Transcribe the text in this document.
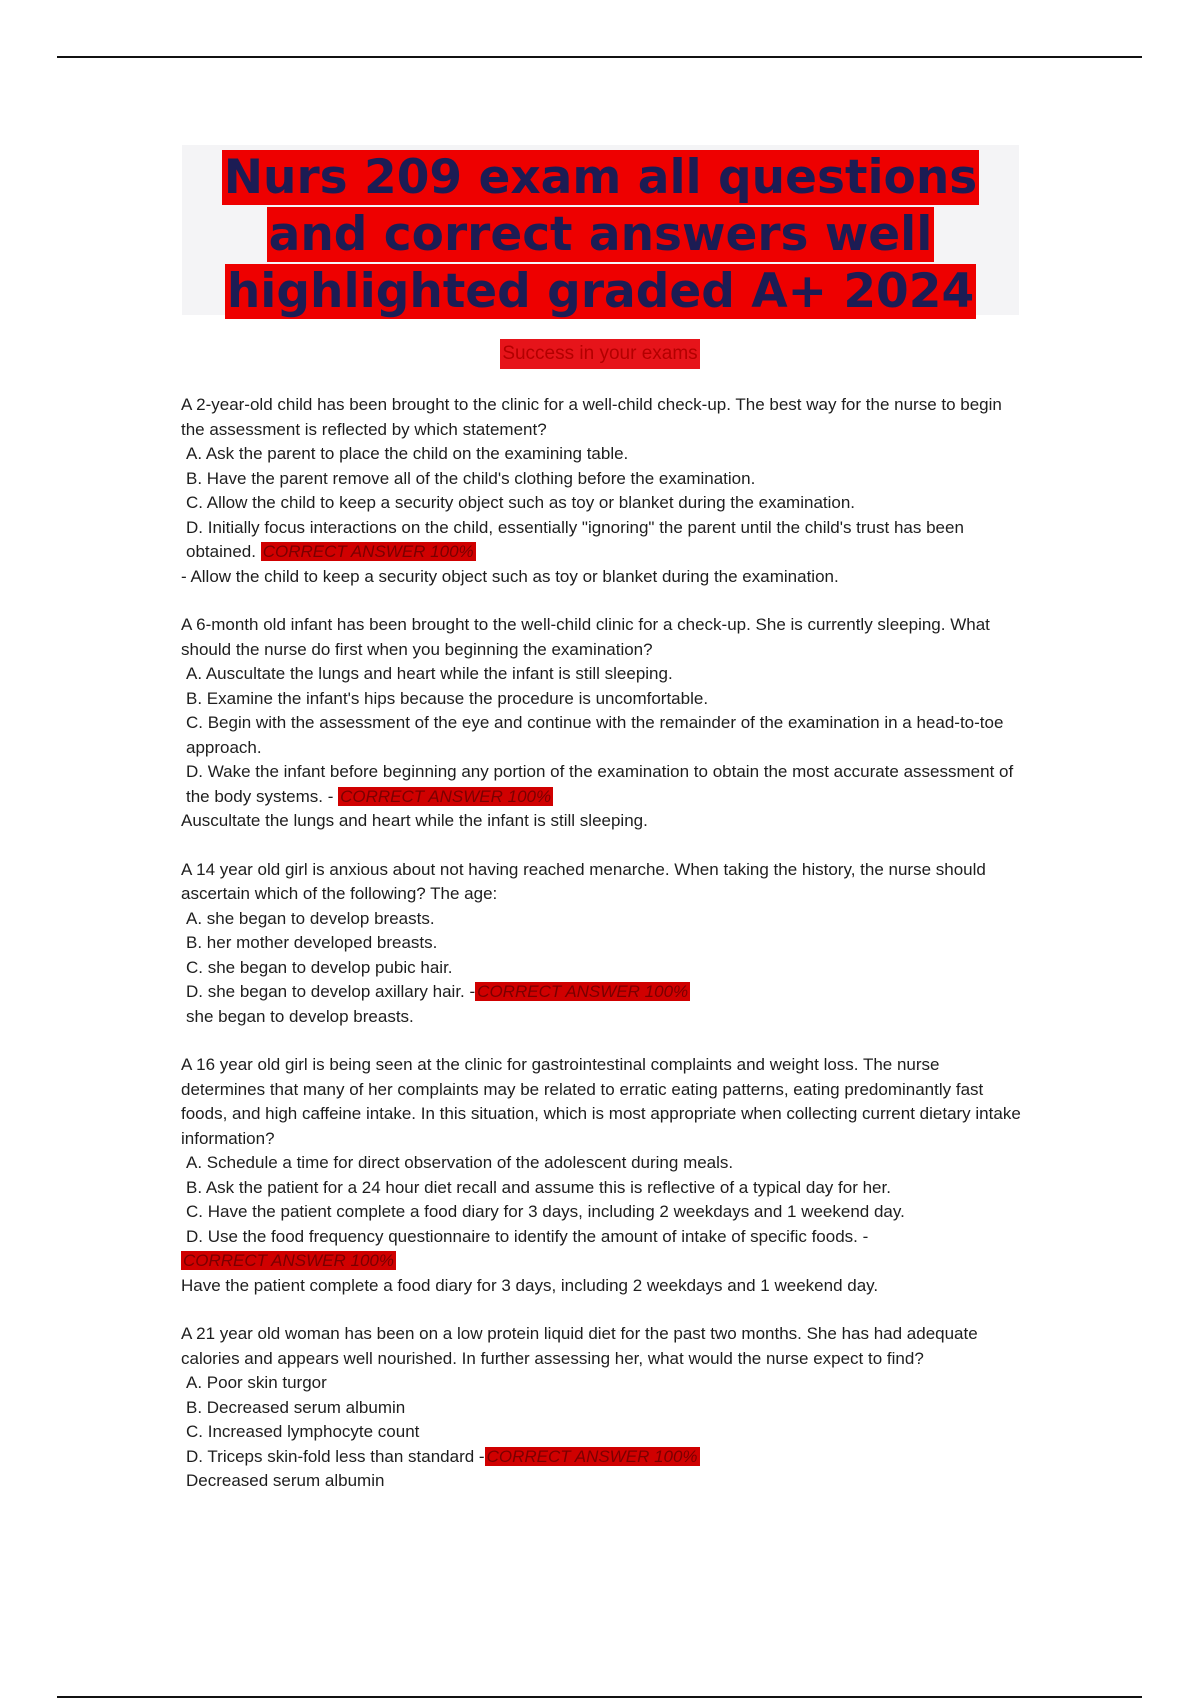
Nurs 209 exam all questions
and correct answers well
highlighted graded A+ 2024
Success in your exams

A 2-year-old child has been brought to the clinic for a well-child check-up. The best way for the nurse to begin the assessment is reflected by which statement?

A. Ask the parent to place the child on the examining table.

B. Have the parent remove all of the child's clothing before the examination.

C. Allow the child to keep a security object such as toy or blanket during the examination.

D. Initially focus interactions on the child, essentially "ignoring" the parent until the child's trust has been obtained. CORRECT ANSWER 100%

- Allow the child to keep a security object such as toy or blanket during the examination.

A 6-month old infant has been brought to the well-child clinic for a check-up. She is currently sleeping. What should the nurse do first when you beginning the examination?

A. Auscultate the lungs and heart while the infant is still sleeping.

B. Examine the infant's hips because the procedure is uncomfortable.

C. Begin with the assessment of the eye and continue with the remainder of the examination in a head-to-toe approach.

D. Wake the infant before beginning any portion of the examination to obtain the most accurate assessment of the body systems. - CORRECT ANSWER 100%

Auscultate the lungs and heart while the infant is still sleeping.

A 14 year old girl is anxious about not having reached menarche. When taking the history, the nurse should ascertain which of the following? The age:

A. she began to develop breasts.

B. her mother developed breasts.

C. she began to develop pubic hair.

D. she began to develop axillary hair. - CORRECT ANSWER 100%

she began to develop breasts.

A 16 year old girl is being seen at the clinic for gastrointestinal complaints and weight loss. The nurse determines that many of her complaints may be related to erratic eating patterns, eating predominantly fast foods, and high caffeine intake. In this situation, which is most appropriate when collecting current dietary intake information?

A. Schedule a time for direct observation of the adolescent during meals.

B. Ask the patient for a 24 hour diet recall and assume this is reflective of a typical day for her.

C. Have the patient complete a food diary for 3 days, including 2 weekdays and 1 weekend day.

D. Use the food frequency questionnaire to identify the amount of intake of specific foods. -

CORRECT ANSWER 100%

Have the patient complete a food diary for 3 days, including 2 weekdays and 1 weekend day.

A 21 year old woman has been on a low protein liquid diet for the past two months. She has had adequate calories and appears well nourished. In further assessing her, what would the nurse expect to find?

A. Poor skin turgor

B. Decreased serum albumin

C. Increased lymphocyte count

D. Triceps skin-fold less than standard - CORRECT ANSWER 100%

Decreased serum albumin
